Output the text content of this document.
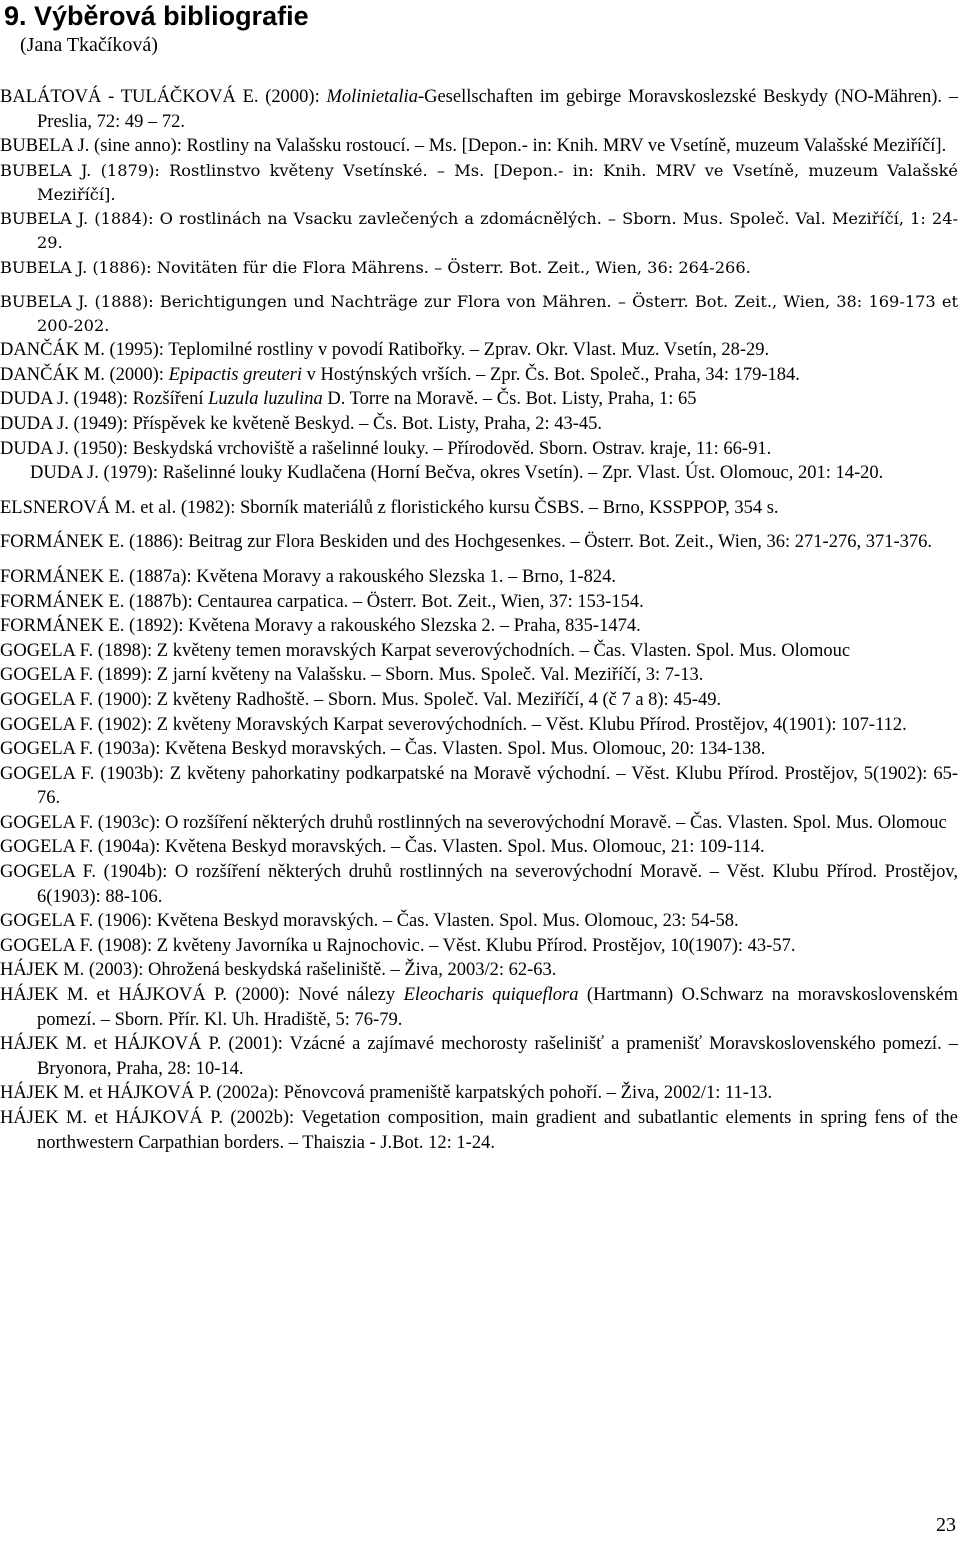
9. Výběrová bibliografie
(Jana Tkačíková)
BALÁTOVÁ - TULÁČKOVÁ E. (2000): Molinietalia-Gesellschaften im gebirge Moravskoslezské Beskydy (NO-Mähren). – Preslia, 72: 49 – 72.
BUBELA J. (sine anno): Rostliny na Valašsku rostoucí. – Ms. [Depon.- in: Knih. MRV ve Vsetíně, muzeum Valašské Meziříčí].
BUBELA J. (1879): Rostlinstvo květeny Vsetínské. – Ms. [Depon.- in: Knih. MRV ve Vsetíně, muzeum Valašské Meziříčí].
BUBELA J. (1884): O rostlinách na Vsacku zavlečených a zdomácnělých. – Sborn. Mus. Společ. Val. Meziříčí, 1: 24-29.
BUBELA J. (1886): Novitäten für die Flora Mährens. – Österr. Bot. Zeit., Wien, 36: 264-266.
BUBELA J. (1888): Berichtigungen und Nachträge zur Flora von Mähren. – Österr. Bot. Zeit., Wien, 38: 169-173 et 200-202.
DANČÁK M. (1995): Teplomilné rostliny v povodí Ratibořky. – Zprav. Okr. Vlast. Muz. Vsetín, 28-29.
DANČÁK M. (2000): Epipactis greuteri v Hostýnských vrších. – Zpr. Čs. Bot. Společ., Praha, 34: 179-184.
DUDA J. (1948): Rozšíření Luzula luzulina D. Torre na Moravě. – Čs. Bot. Listy, Praha, 1: 65
DUDA J. (1949): Příspěvek ke květeně Beskyd. – Čs. Bot. Listy, Praha, 2: 43-45.
DUDA J. (1950): Beskydská vrchoviště a rašelinné louky. – Přírodověd. Sborn. Ostrav. kraje, 11: 66-91.
DUDA J. (1979): Rašelinné louky Kudlačena (Horní Bečva, okres Vsetín). – Zpr. Vlast. Úst. Olomouc, 201: 14-20.
ELSNEROVÁ M. et al. (1982): Sborník materiálů z floristického kursu ČSBS. – Brno, KSSPPOP, 354 s.
FORMÁNEK E. (1886): Beitrag zur Flora Beskiden und des Hochgesenkes. – Österr. Bot. Zeit., Wien, 36: 271-276, 371-376.
FORMÁNEK E. (1887a): Květena Moravy a rakouského Slezska 1. – Brno, 1-824.
FORMÁNEK E. (1887b): Centaurea carpatica. – Österr. Bot. Zeit., Wien, 37: 153-154.
FORMÁNEK E. (1892): Květena Moravy a rakouského Slezska 2. – Praha, 835-1474.
GOGELA F. (1898): Z květeny temen moravských Karpat severovýchodních. – Čas. Vlasten. Spol. Mus. Olomouc
GOGELA F. (1899): Z jarní květeny na Valašsku. – Sborn. Mus. Společ. Val. Meziříčí, 3: 7-13.
GOGELA F. (1900): Z květeny Radhoště. – Sborn. Mus. Společ. Val. Meziříčí, 4 (č 7 a 8): 45-49.
GOGELA F. (1902): Z květeny Moravských Karpat severovýchodních. – Věst. Klubu Přírod. Prostějov, 4(1901): 107-112.
GOGELA F. (1903a): Květena Beskyd moravských. – Čas. Vlasten. Spol. Mus. Olomouc, 20: 134-138.
GOGELA F. (1903b): Z květeny pahorkatiny podkarpatské na Moravě východní. – Věst. Klubu Přírod. Prostějov, 5(1902): 65-76.
GOGELA F. (1903c): O rozšíření některých druhů rostlinných na severovýchodní Moravě. – Čas. Vlasten. Spol. Mus. Olomouc
GOGELA F. (1904a): Květena Beskyd moravských. – Čas. Vlasten. Spol. Mus. Olomouc, 21: 109-114.
GOGELA F. (1904b): O rozšíření některých druhů rostlinných na severovýchodní Moravě. – Věst. Klubu Přírod. Prostějov, 6(1903): 88-106.
GOGELA F. (1906): Květena Beskyd moravských. – Čas. Vlasten. Spol. Mus. Olomouc, 23: 54-58.
GOGELA F. (1908): Z květeny Javorníka u Rajnochovic. – Věst. Klubu Přírod. Prostějov, 10(1907): 43-57.
HÁJEK M. (2003): Ohrožená beskydská rašeliniště. – Živa, 2003/2: 62-63.
HÁJEK M. et HÁJKOVÁ P. (2000): Nové nálezy Eleocharis quiqueflora (Hartmann) O.Schwarz na moravskoslovenském pomezí. – Sborn. Přír. Kl. Uh. Hradiště, 5: 76-79.
HÁJEK M. et HÁJKOVÁ P. (2001): Vzácné a zajímavé mechorosty rašelinišť a pramenišť Moravskoslovenského pomezí. – Bryonora, Praha, 28: 10-14.
HÁJEK M. et HÁJKOVÁ P. (2002a): Pěnovcová prameniště karpatských pohoří. – Živa, 2002/1: 11-13.
HÁJEK M. et HÁJKOVÁ P. (2002b): Vegetation composition, main gradient and subatlantic elements in spring fens of the northwestern Carpathian borders. – Thaiszia - J.Bot. 12: 1-24.
23
